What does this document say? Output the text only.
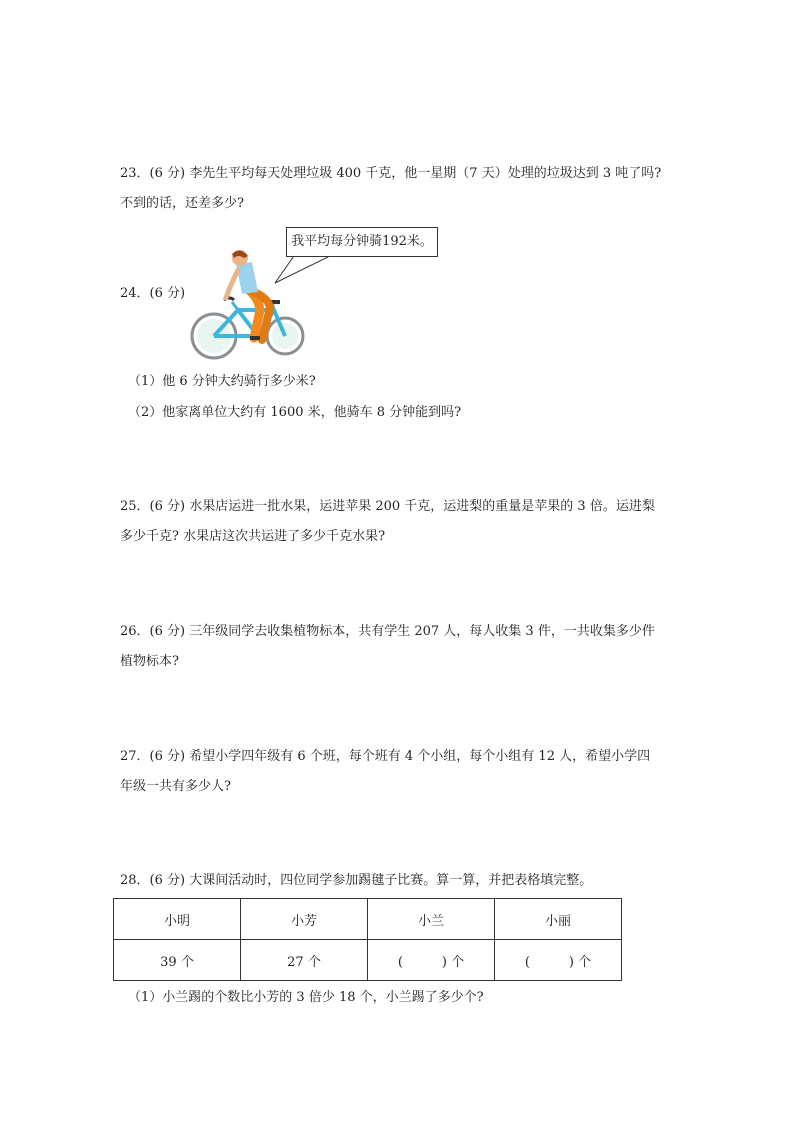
23．(6 分) 李先生平均每天处理垃圾 400 千克，他一星期（7 天）处理的垃圾达到 3 吨了吗?
不到的话，还差多少?
24．(6 分)
我平均每分钟骑192米。
（1）他 6 分钟大约骑行多少米?
（2）他家离单位大约有 1600 米，他骑车 8 分钟能到吗?
25．(6 分) 水果店运进一批水果，运进苹果 200 千克，运进梨的重量是苹果的 3 倍。运进梨
多少千克? 水果店这次共运进了多少千克水果?
26．(6 分) 三年级同学去收集植物标本，共有学生 207 人，每人收集 3 件，一共收集多少件
植物标本?
27．(6 分) 希望小学四年级有 6 个班，每个班有 4 个小组，每个小组有 12 人，希望小学四
年级一共有多少人?
28．(6 分) 大课间活动时，四位同学参加踢毽子比赛。算一算，并把表格填完整。
小明	小芳	小兰	小丽
39 个	27 个	(　　　) 个	(　　　) 个
（1）小兰踢的个数比小芳的 3 倍少 18 个，小兰踢了多少个?
